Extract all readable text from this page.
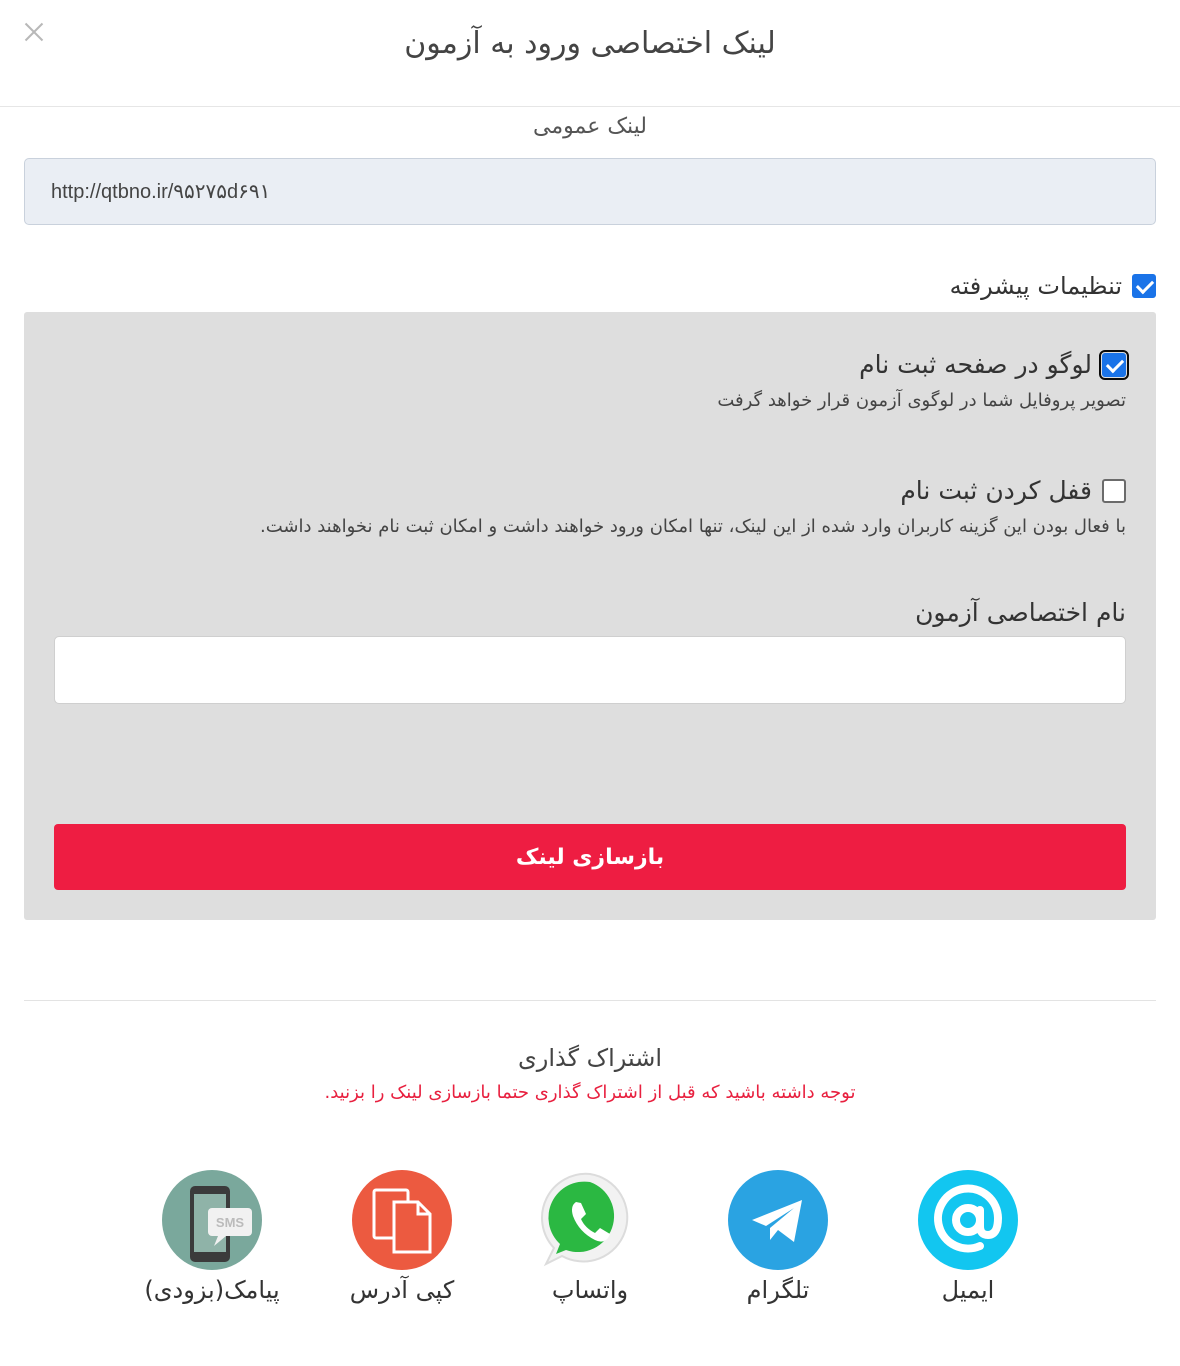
لینک اختصاصی ورود به آزمون
لینک عمومی
http://qtbno.ir/۹۵۲۷۵d۶۹۱
تنظیمات پیشرفته
لوگو در صفحه ثبت نام
تصویر پروفایل شما در لوگوی آزمون قرار خواهد گرفت
قفل کردن ثبت نام
با فعال بودن این گزینه کاربران وارد شده از این لینک، تنها امکان ورود خواهند داشت و امکان ثبت نام نخواهند داشت.
نام اختصاصی آزمون
بازسازی لینک
اشتراک گذاری
توجه داشته باشید که قبل از اشتراک گذاری حتما بازسازی لینک را بزنید.
ایمیل
تلگرام
واتساپ
کپی آدرس
SMS
پیامک(بزودی)
